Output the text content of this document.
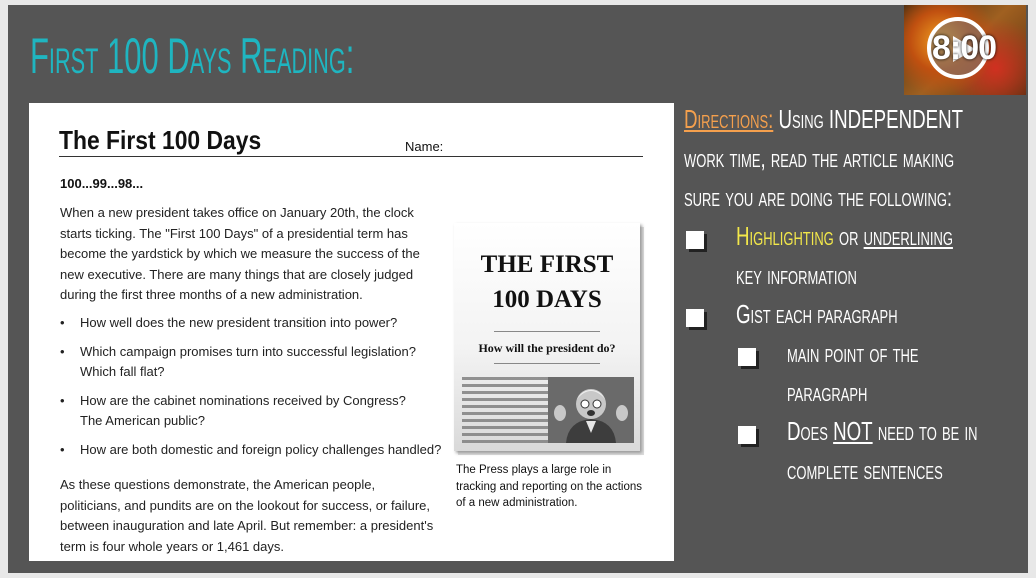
First 100 Days Reading:	8:00
The First 100 Days	Name:
100...99...98...
When a new president takes office on January 20th, the clock starts ticking. The "First 100 Days" of a presidential term has become the yardstick by which we measure the success of the new executive. There are many things that are closely judged during the first three months of a new administration.
• How well does the new president transition into power?
• Which campaign promises turn into successful legislation? Which fall flat?
• How are the cabinet nominations received by Congress? The American public?
• How are both domestic and foreign policy challenges handled?
As these questions demonstrate, the American people, politicians, and pundits are on the lookout for success, or failure, between inauguration and late April. But remember: a president's term is four whole years or 1,461 days.
THE FIRST
100 DAYS
How will the president do?
The Press plays a large role in tracking and reporting on the actions of a new administration.
Directions: Using INDEPENDENT
work time, read the article making
sure you are doing the following:
Highlighting or underlining
key information
Gist each paragraph
main point of the
paragraph
Does NOT need to be in
complete sentences
